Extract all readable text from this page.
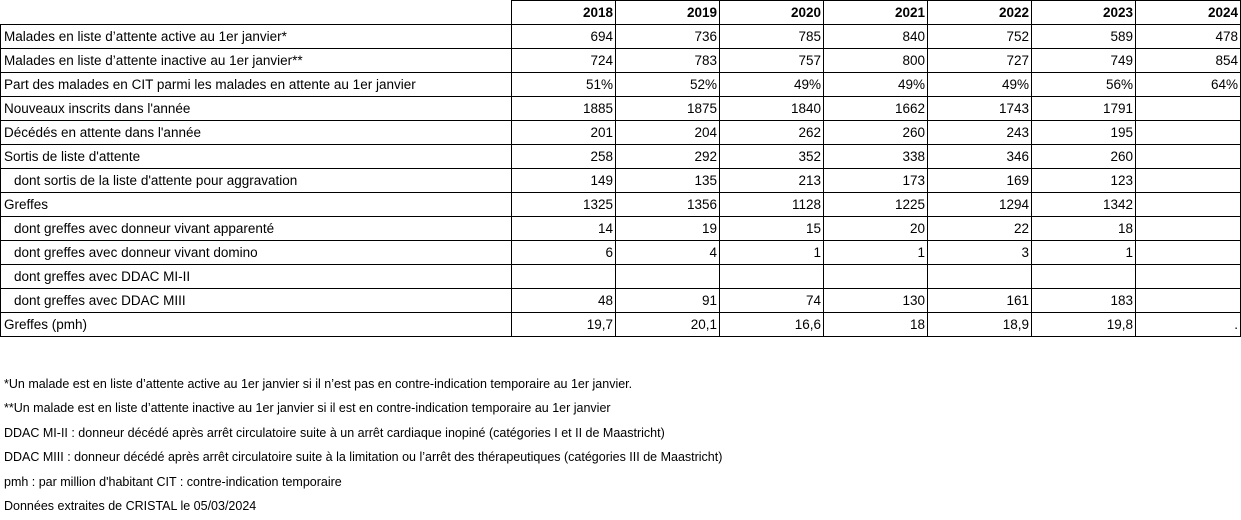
	2018	2019	2020	2021	2022	2023	2024
Malades en liste d’attente active au 1er janvier*	694	736	785	840	752	589	478
Malades en liste d’attente inactive au 1er janvier**	724	783	757	800	727	749	854
Part des malades en CIT parmi les malades en attente au 1er janvier	51%	52%	49%	49%	49%	56%	64%
Nouveaux inscrits dans l'année	1885	1875	1840	1662	1743	1791	
Décédés en attente dans l'année	201	204	262	260	243	195	
Sortis de liste d'attente	258	292	352	338	346	260	
dont sortis de la liste d'attente pour aggravation	149	135	213	173	169	123	
Greffes	1325	1356	1128	1225	1294	1342	
dont greffes avec donneur vivant apparenté	14	19	15	20	22	18	
dont greffes avec donneur vivant domino	6	4	1	1	3	1	
dont greffes avec DDAC MI-II							
dont greffes avec DDAC MIII	48	91	74	130	161	183	
Greffes (pmh)	19,7	20,1	16,6	18	18,9	19,8	.
*Un malade est en liste d’attente active au 1er janvier si il n’est pas en contre-indication temporaire au 1er janvier.
**Un malade est en liste d’attente inactive au 1er janvier si il est en contre-indication temporaire au 1er janvier
DDAC MI-II : donneur décédé après arrêt circulatoire suite à un arrêt cardiaque inopiné (catégories I et II de Maastricht)
DDAC MIII : donneur décédé après arrêt circulatoire suite à la limitation ou l’arrêt des thérapeutiques (catégories III de Maastricht)
pmh : par million d'habitant CIT : contre-indication temporaire
Données extraites de CRISTAL le 05/03/2024
